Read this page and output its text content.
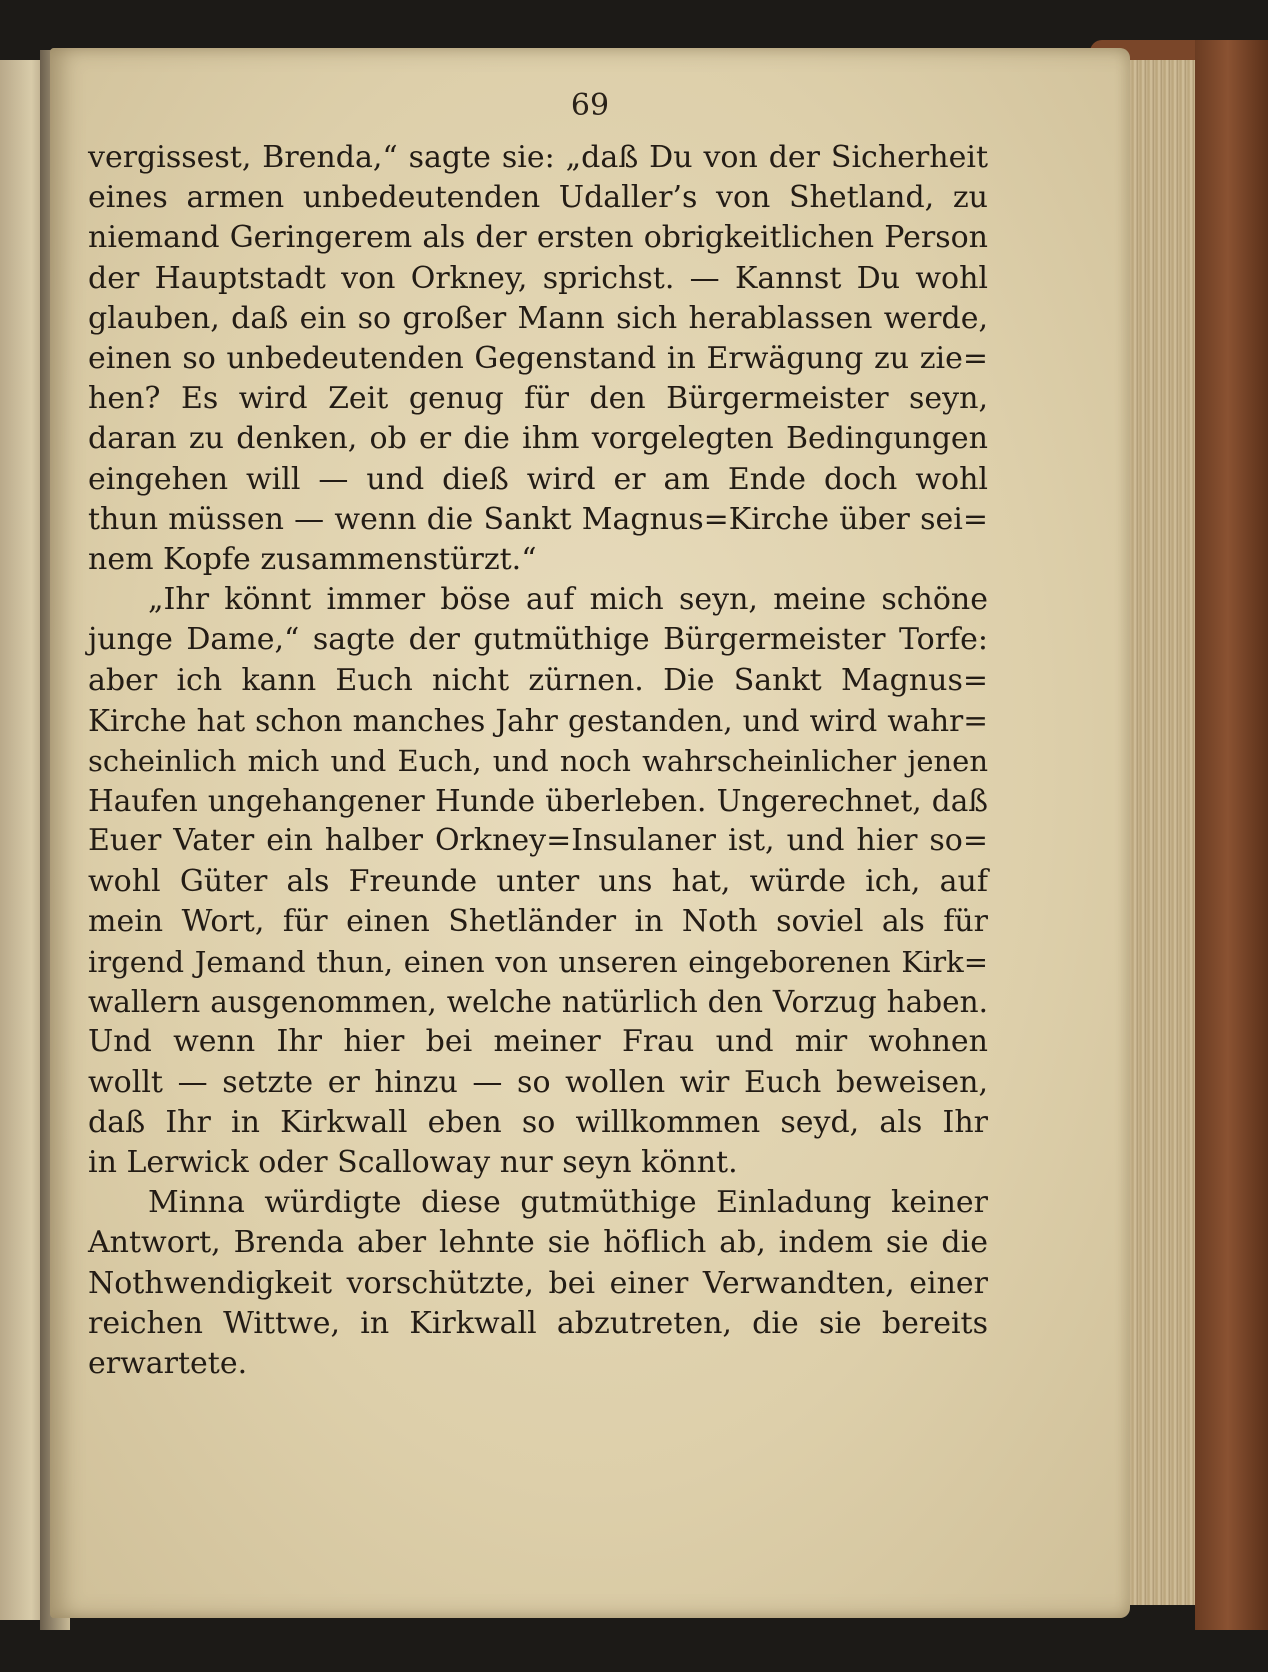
69

vergissest, Brenda,“ sagte sie: „daß Du von der Sicherheit
eines armen unbedeutenden Udaller’s von Shetland, zu
niemand Geringerem als der ersten obrigkeitlichen Person
der Hauptstadt von Orkney, sprichst. — Kannst Du wohl
glauben, daß ein so großer Mann sich herablassen werde,
einen so unbedeutenden Gegenstand in Erwägung zu zie=
hen? Es wird Zeit genug für den Bürgermeister seyn,
daran zu denken, ob er die ihm vorgelegten Bedingungen
eingehen will — und dieß wird er am Ende doch wohl
thun müssen — wenn die Sankt Magnus=Kirche über sei=
nem Kopfe zusammenstürzt.“

„Ihr könnt immer böse auf mich seyn, meine schöne
junge Dame,“ sagte der gutmüthige Bürgermeister Torfe:
aber ich kann Euch nicht zürnen. Die Sankt Magnus=
Kirche hat schon manches Jahr gestanden, und wird wahr=
scheinlich mich und Euch, und noch wahrscheinlicher jenen
Haufen ungehangener Hunde überleben. Ungerechnet, daß
Euer Vater ein halber Orkney=Insulaner ist, und hier so=
wohl Güter als Freunde unter uns hat, würde ich, auf
mein Wort, für einen Shetländer in Noth soviel als für
irgend Jemand thun, einen von unseren eingeborenen Kirk=
wallern ausgenommen, welche natürlich den Vorzug haben.
Und wenn Ihr hier bei meiner Frau und mir wohnen
wollt — setzte er hinzu — so wollen wir Euch beweisen,
daß Ihr in Kirkwall eben so willkommen seyd, als Ihr
in Lerwick oder Scalloway nur seyn könnt.

Minna würdigte diese gutmüthige Einladung keiner
Antwort, Brenda aber lehnte sie höflich ab, indem sie die
Nothwendigkeit vorschützte, bei einer Verwandten, einer
reichen Wittwe, in Kirkwall abzutreten, die sie bereits
erwartete.
